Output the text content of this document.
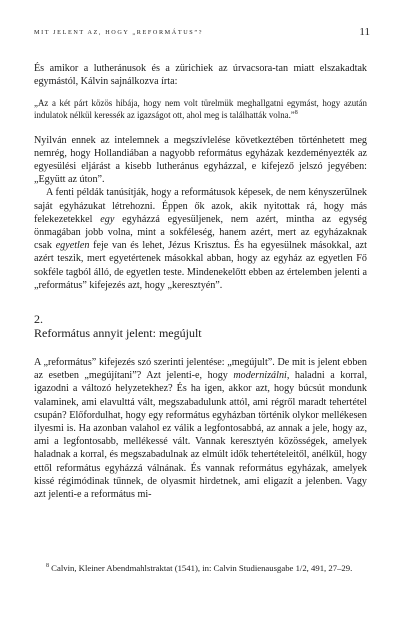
MIT JELENT AZ, HOGY „REFORMÁTUS”?	11

És amikor a lutheránusok és a zürichiek az úrvacsora-tan miatt elszakadtak egymástól, Kálvin sajnálkozva írta:

„Az a két párt közös hibája, hogy nem volt türelmük meghallgatni egymást, hogy azután indulatok nélkül keressék az igazságot ott, ahol meg is találhatták volna.”$^8$

Nyilván ennek az intelemnek a megszívlelése következtében történhetett meg nemrég, hogy Hollandiában a nagyobb református egyházak kezdeményezték az egyesülési eljárást a kisebb lutheránus egyházzal, e kifejező jelszó jegyében: „Együtt az úton”.

A fenti példák tanúsítják, hogy a reformátusok képesek, de nem kényszerülnek saját egyházukat létrehozni. Éppen ők azok, akik nyitottak rá, hogy más felekezetekkel egy egyházzá egyesüljenek, nem azért, mintha az egység önmagában jobb volna, mint a sokféleség, hanem azért, mert az egyházaknak csak egyetlen feje van és lehet, Jézus Krisztus. És ha egyesülnek másokkal, azt azért teszik, mert egyetértenek másokkal abban, hogy az egyház az egyetlen Fő sokféle tagból álló, de egyetlen teste. Mindenekelőtt ebben az értelemben jelenti a „református” kifejezés azt, hogy „keresztyén”.

2.
Református annyit jelent: megújult

A „református” kifejezés szó szerinti jelentése: „megújult”. De mit is jelent ebben az esetben „megújítani”? Azt jelenti-e, hogy modernizálni, haladni a korral, igazodni a változó helyzetekhez? És ha igen, akkor azt, hogy búcsút mondunk valaminek, ami elavulttá vált, megszabadulunk attól, ami régről maradt tehertétel csupán? Előfordulhat, hogy egy református egyházban történik olykor mellékesen ilyesmi is. Ha azonban valahol ez válik a legfontosabbá, az annak a jele, hogy az, ami a legfontosabb, mellékessé vált. Vannak keresztyén közösségek, amelyek haladnak a korral, és megszabadulnak az elmúlt idők tehertételeitől, anélkül, hogy ettől református egyházzá válnának. És vannak református egyházak, amelyek kissé régimódinak tűnnek, de olyasmit hirdetnek, ami eligazít a jelenben. Vagy azt jelenti-e a református mi-

$^8$ Calvin, Kleiner Abendmahlstraktat (1541), in: Calvin Studienausgabe 1/2, 491, 27–29.
